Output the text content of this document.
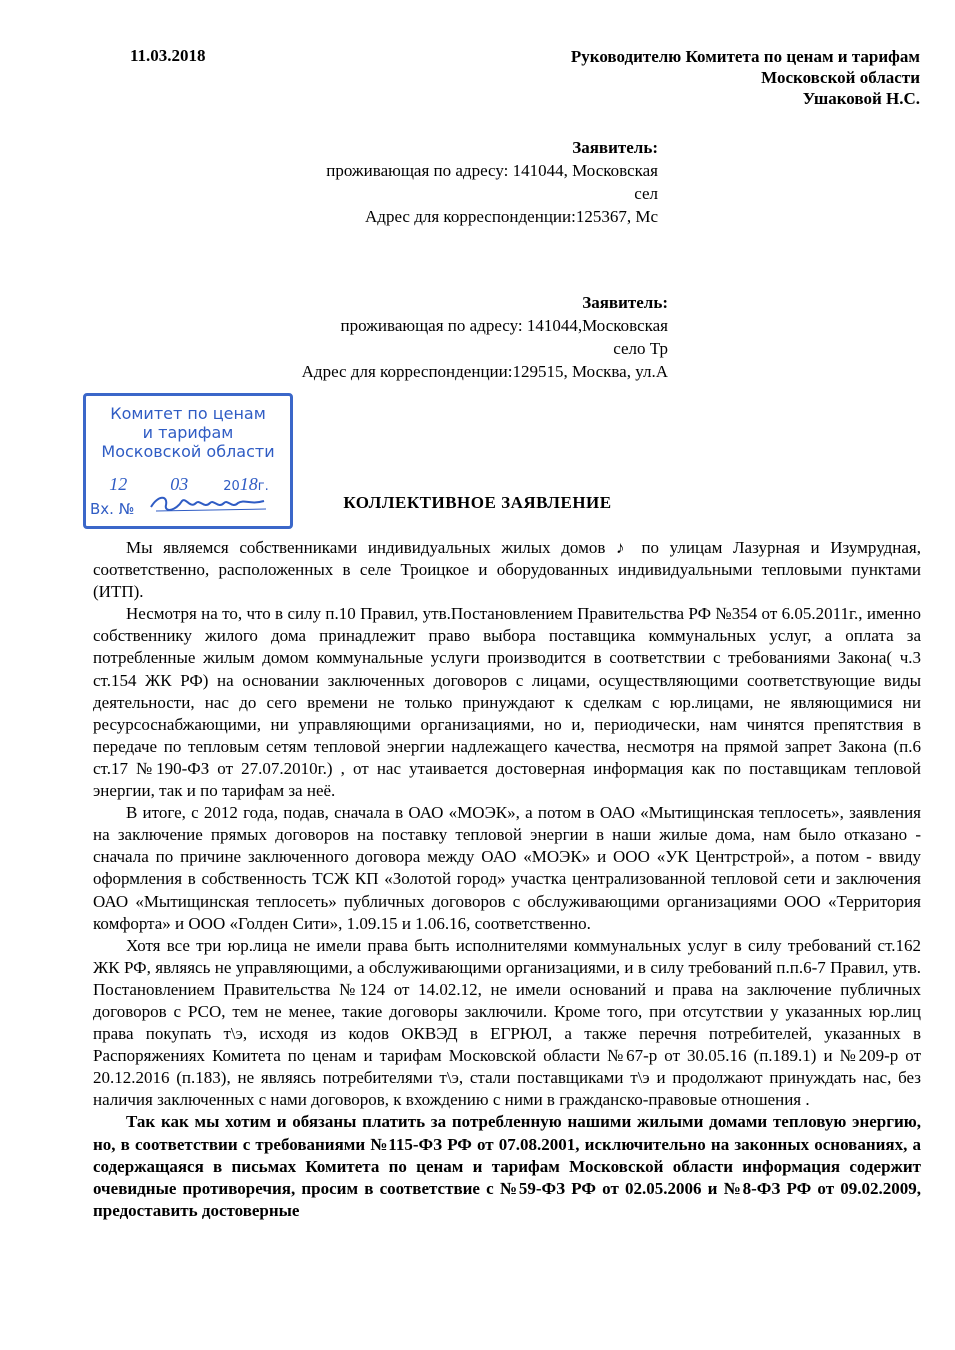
11.03.2018	Руководителю Комитета по ценам и тарифам
Московской области
Ушаковой Н.С.
Заявитель:
проживающая по адресу: 141044, Московская
сел
Адрес для корреспонденции:125367, Мс
Заявитель:
проживающая по адресу: 141044,Московская
село Тр
Адрес для корреспонденции:129515, Москва, ул.А
Комитет по ценам
и тарифам
Московской области
12 03	2018г.
Вх. №	КОЛЛЕКТИВНОЕ ЗАЯВЛЕНИЕ

Мы являемся собственниками индивидуальных жилых домов ♪ по улицам Лазурная и Изумрудная, соответственно, расположенных в селе Троицкое и оборудованных индивидуальными тепловыми пунктами (ИТП).

Несмотря на то, что в силу п.10 Правил, утв.Постановлением Правительства РФ №354 от 6.05.2011г., именно собственнику жилого дома принадлежит право выбора поставщика коммунальных услуг, а оплата за потребленные жилым домом коммунальные услуги производится в соответствии с требованиями Закона( ч.3 ст.154 ЖК РФ) на основании заключенных договоров с лицами, осуществляющими соответствующие виды деятельности, нас до сего времени не только принуждают к сделкам с юр.лицами, не являющимися ни ресурсоснабжающими, ни управляющими организациями, но и, периодически, нам чинятся препятствия в передаче по тепловым сетям тепловой энергии надлежащего качества, несмотря на прямой запрет Закона (п.6 ст.17 №190-ФЗ от 27.07.2010г.) , от нас утаивается достоверная информация как по поставщикам тепловой энергии, так и по тарифам за неё.

В итоге, с 2012 года, подав, сначала в ОАО «МОЭК», а потом в ОАО «Мытищинская теплосеть», заявления на заключение прямых договоров на поставку тепловой энергии в наши жилые дома, нам было отказано - сначала по причине заключенного договора между ОАО «МОЭК» и ООО «УК Центрстрой», а потом - ввиду оформления в собственность ТСЖ КП «Золотой город» участка централизованной тепловой сети и заключения ОАО «Мытищинская теплосеть» публичных договоров с обслуживающими организациями ООО «Территория комфорта» и ООО «Голден Сити», 1.09.15 и 1.06.16, соответственно.

Хотя все три юр.лица не имели права быть исполнителями коммунальных услуг в силу требований ст.162 ЖК РФ, являясь не управляющими, а обслуживающими организациями, и в силу требований п.п.6-7 Правил, утв. Постановлением Правительства №124 от 14.02.12, не имели оснований и права на заключение публичных договоров с РСО, тем не менее, такие договоры заключили. Кроме того, при отсутствии у указанных юр.лиц права покупать т\э, исходя из кодов ОКВЭД в ЕГРЮЛ, а также перечня потребителей, указанных в Распоряжениях Комитета по ценам и тарифам Московской области №67-р от 30.05.16 (п.189.1) и №209-р от 20.12.2016 (п.183), не являясь потребителями т\э, стали поставщиками т\э и продолжают принуждать нас, без наличия заключенных с нами договоров, к вхождению с ними в гражданско-правовые отношения .

Так как мы хотим и обязаны платить за потребленную нашими жилыми домами тепловую энергию, но, в соответствии с требованиями №115-ФЗ РФ от 07.08.2001, исключительно на законных основаниях, а содержащаяся в письмах Комитета по ценам и тарифам Московской области информация содержит очевидные противоречия, просим в соответствие с №59-ФЗ РФ от 02.05.2006 и №8-ФЗ РФ от 09.02.2009, предоставить достоверные
